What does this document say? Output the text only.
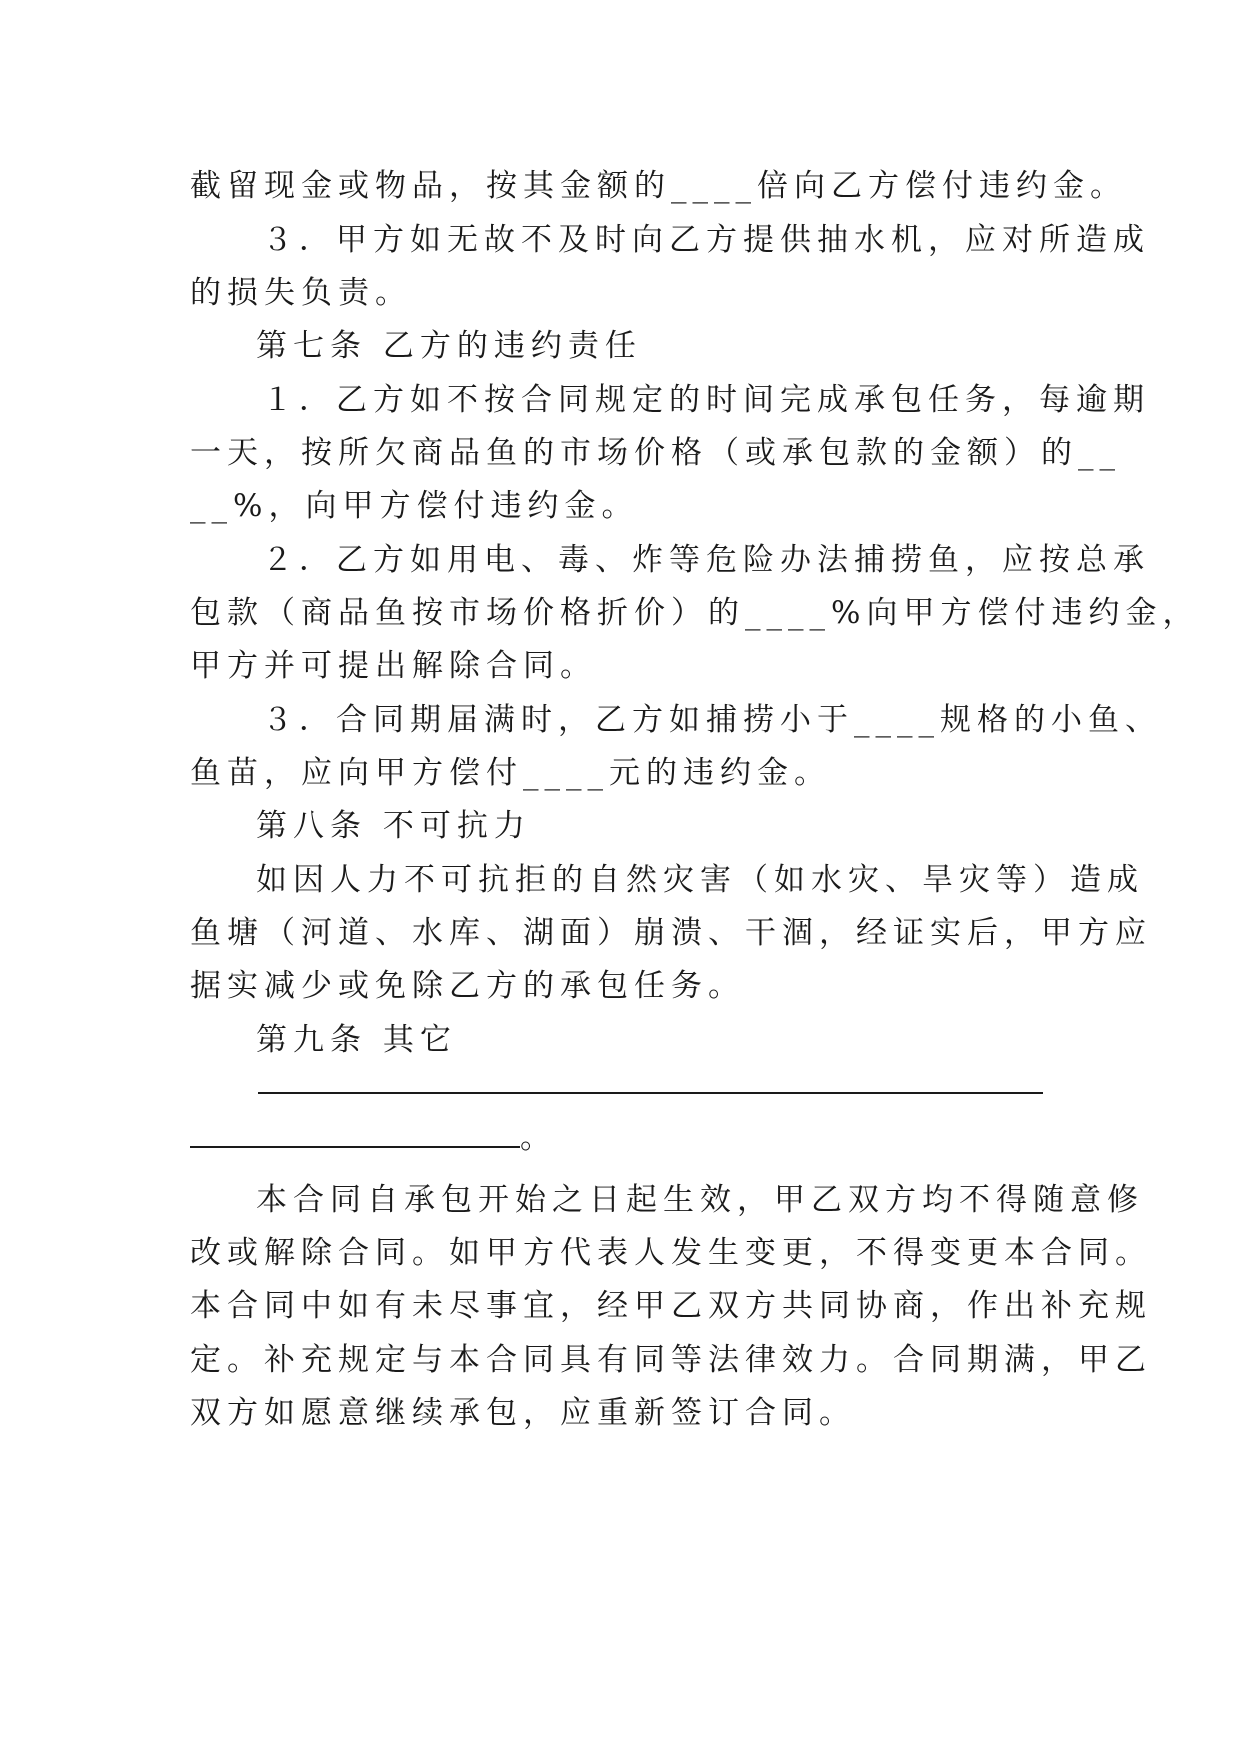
截留现金或物品，按其金额的____倍向乙方偿付违约金。
３．甲方如无故不及时向乙方提供抽水机，应对所造成
的损失负责。
第七条 乙方的违约责任
１．乙方如不按合同规定的时间完成承包任务，每逾期
一天，按所欠商品鱼的市场价格（或承包款的金额）的__
__%，向甲方偿付违约金。
２．乙方如用电、毒、炸等危险办法捕捞鱼，应按总承
包款（商品鱼按市场价格折价）的____%向甲方偿付违约金，
甲方并可提出解除合同。
３．合同期届满时，乙方如捕捞小于____规格的小鱼、
鱼苗，应向甲方偿付____元的违约金。
第八条 不可抗力
如因人力不可抗拒的自然灾害（如水灾、旱灾等）造成
鱼塘（河道、水库、湖面）崩溃、干涸，经证实后，甲方应
据实减少或免除乙方的承包任务。
第九条 其它
。
本合同自承包开始之日起生效，甲乙双方均不得随意修
改或解除合同。如甲方代表人发生变更，不得变更本合同。
本合同中如有未尽事宜，经甲乙双方共同协商，作出补充规
定。补充规定与本合同具有同等法律效力。合同期满，甲乙
双方如愿意继续承包，应重新签订合同。
